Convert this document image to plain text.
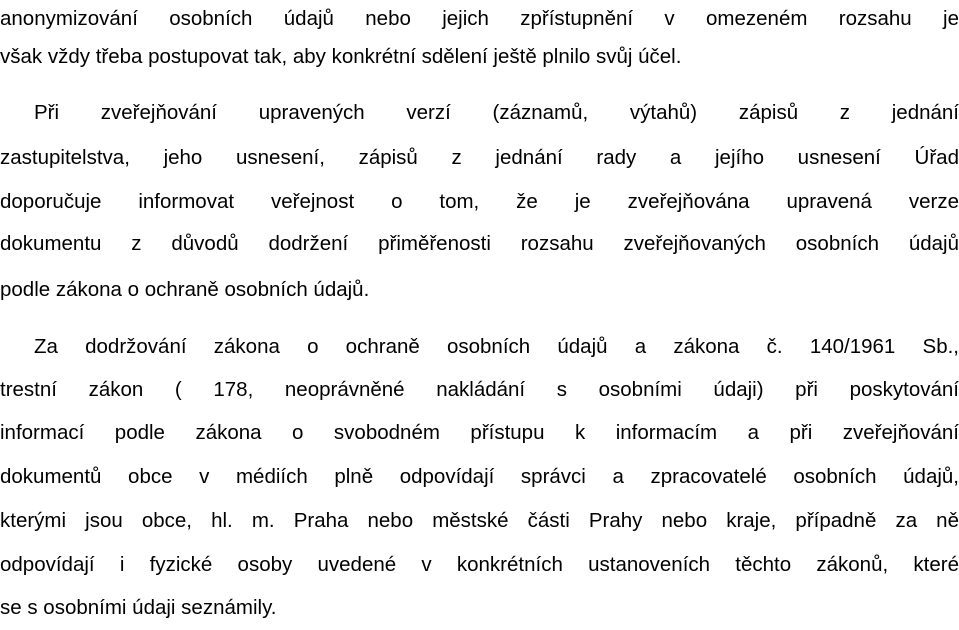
anonymizování osobních údajů nebo jejich zpřístupnění v omezeném rozsahu je
však vždy třeba postupovat tak, aby konkrétní sdělení ještě plnilo svůj účel.
Při zveřejňování upravených verzí (záznamů, výtahů) zápisů z jednání
zastupitelstva, jeho usnesení, zápisů z jednání rady a jejího usnesení Úřad
doporučuje informovat veřejnost o tom, že je zveřejňována upravená verze
dokumentu z důvodů dodržení přiměřenosti rozsahu zveřejňovaných osobních údajů
podle zákona o ochraně osobních údajů.
Za dodržování zákona o ochraně osobních údajů a zákona č. 140/1961 Sb.,
trestní zákon ( 178, neoprávněné nakládání s osobními údaji) při poskytování
informací podle zákona o svobodném přístupu k informacím a při zveřejňování
dokumentů obce v médiích plně odpovídají správci a zpracovatelé osobních údajů,
kterými jsou obce, hl. m. Praha nebo městské části Prahy nebo kraje, případně za ně
odpovídají i fyzické osoby uvedené v konkrétních ustanoveních těchto zákonů, které
se s osobními údaji seznámily.
